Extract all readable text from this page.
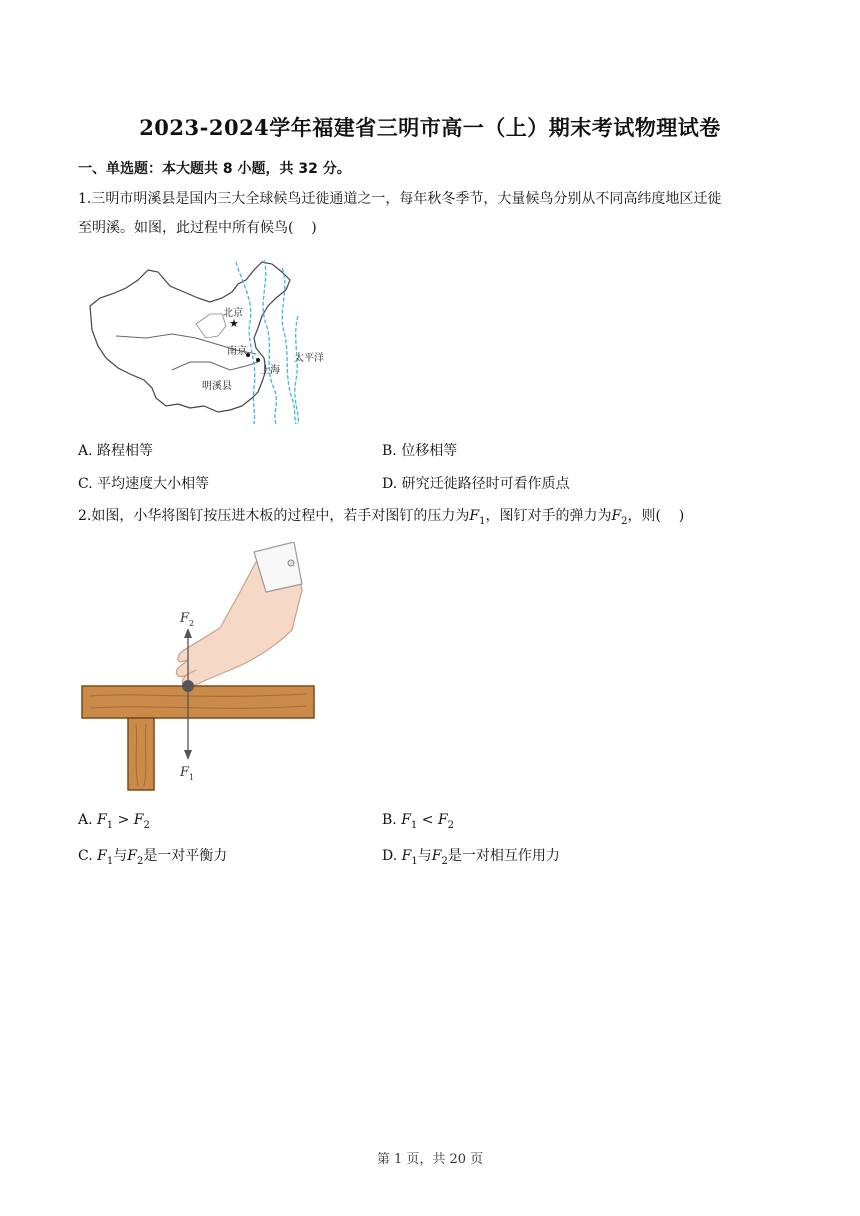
2023-2024学年福建省三明市高一（上）期末考试物理试卷
一、单选题：本大题共 8 小题，共 32 分。
1.三明市明溪县是国内三大全球候鸟迁徙通道之一，每年秋冬季节，大量候鸟分别从不同高纬度地区迁徙
至明溪。如图，此过程中所有候鸟(    )
★
北京
南京
上海
明溪县
太平洋
A. 路程相等	B. 位移相等
C. 平均速度大小相等	D. 研究迁徙路径时可看作质点
2.如图，小华将图钉按压进木板的过程中，若手对图钉的压力为$F_1$，图钉对手的弹力为$F_2$，则(    )
F 2
F 1
A. $F_1 > F_2$	B. $F_1 < F_2$
C. $F_1$与$F_2$是一对平衡力	D. $F_1$与$F_2$是一对相互作用力
第 1 页，共 20 页
